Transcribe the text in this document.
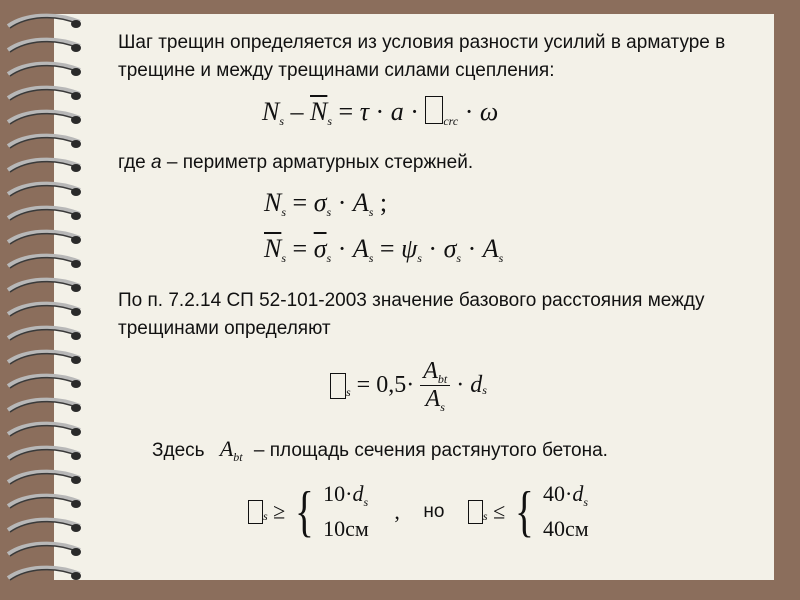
Шаг трещин определяется из условия разности усилий в арматуре в
трещине и между трещинами силами сцепления:
$Ns - \overline{N}s = \tau \cdot a$ · crc · ω
где a – периметр арматурных стержней.
Ns = σs · As ;
$\overline{N}s = \overline{\sigma}s \cdot As = \psi s \cdot \sigma s \cdot As$
По п. 7.2.14 СП 52-101-2003 значение базового расстояния между
трещинами определяют
$_s = 0,5\cdot \frac{A_{bt}}{A_s} \cdot d_s$
Здесь $A_{bt}$ – площадь сечения растянутого бетона.
$_s$ ≥ { $10\cdot d_s$
10см
, но	$_s$ ≤ { $40\cdot d_s$
40см
